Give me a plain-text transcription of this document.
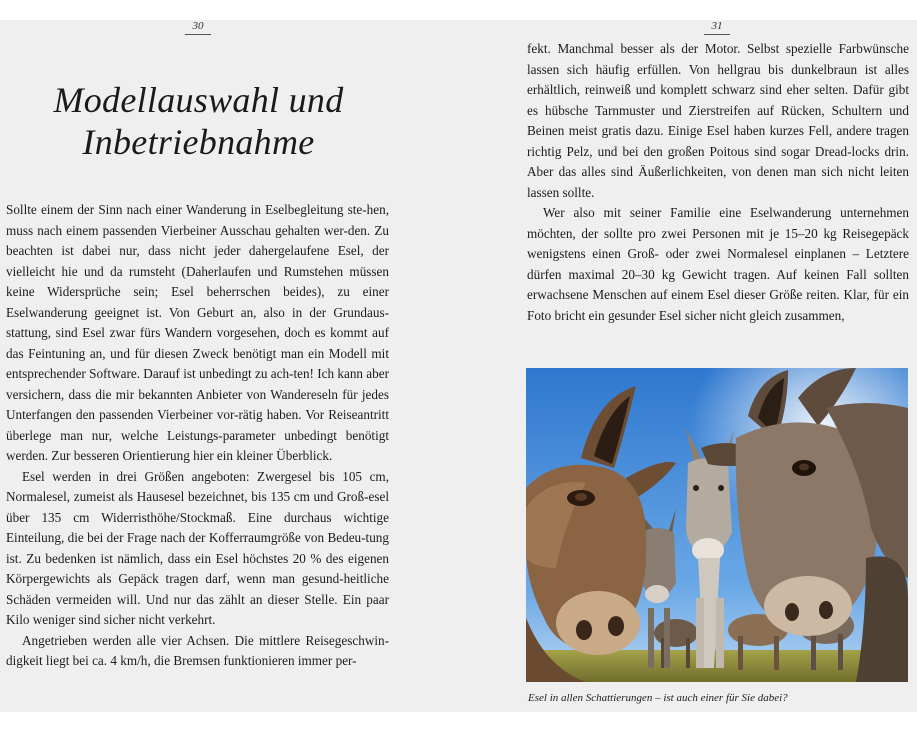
30	31
Modellauswahl und
Inbetriebnahme

Sollte einem der Sinn nach einer Wanderung in Eselbegleitung ste-hen, muss nach einem passenden Vierbeiner Ausschau gehalten wer-den. Zu beachten ist dabei nur, dass nicht jeder dahergelaufene Esel, der vielleicht hie und da rumsteht (Daherlaufen und Rumstehen müssen keine Widersprüche sein; Esel beherrschen beides), zu einer Eselwanderung geeignet ist. Von Geburt an, also in der Grundaus-stattung, sind Esel zwar fürs Wandern vorgesehen, doch es kommt auf das Feintuning an, und für diesen Zweck benötigt man ein Modell mit entsprechender Software. Darauf ist unbedingt zu ach-ten! Ich kann aber versichern, dass die mir bekannten Anbieter von Wandereseln für jedes Unterfangen den passenden Vierbeiner vor-rätig haben. Vor Reiseantritt überlege man nur, welche Leistungs-parameter unbedingt benötigt werden. Zur besseren Orientierung hier ein kleiner Überblick.

Esel werden in drei Größen angeboten: Zwergesel bis 105 cm, Normalesel, zumeist als Hausesel bezeichnet, bis 135 cm und Groß-esel über 135 cm Widerristhöhe/Stockmaß. Eine durchaus wichtige Einteilung, die bei der Frage nach der Kofferraumgröße von Bedeu-tung ist. Zu bedenken ist nämlich, dass ein Esel höchstes 20 % des eigenen Körpergewichts als Gepäck tragen darf, wenn man gesund-heitliche Schäden vermeiden will. Und nur das zählt an dieser Stelle. Ein paar Kilo weniger sind sicher nicht verkehrt.

Angetrieben werden alle vier Achsen. Die mittlere Reisegeschwin-digkeit liegt bei ca. 4 km/h, die Bremsen funktionieren immer per-

fekt. Manchmal besser als der Motor. Selbst spezielle Farbwünsche lassen sich häufig erfüllen. Von hellgrau bis dunkelbraun ist alles erhältlich, reinweiß und komplett schwarz sind eher selten. Dafür gibt es hübsche Tarnmuster und Zierstreifen auf Rücken, Schultern und Beinen meist gratis dazu. Einige Esel haben kurzes Fell, andere tragen richtig Pelz, und bei den großen Poitous sind sogar Dread-locks drin. Aber das alles sind Äußerlichkeiten, von denen man sich nicht leiten lassen sollte.

Wer also mit seiner Familie eine Eselwanderung unternehmen möchten, der sollte pro zwei Personen mit je 15–20 kg Reisegepäck wenigstens einen Groß- oder zwei Normalesel einplanen – Letztere dürfen maximal 20–30 kg Gewicht tragen. Auf keinen Fall sollten erwachsene Menschen auf einem Esel dieser Größe reiten. Klar, für ein Foto bricht ein gesunder Esel sicher nicht gleich zusammen,

Esel in allen Schattierungen – ist auch einer für Sie dabei?
